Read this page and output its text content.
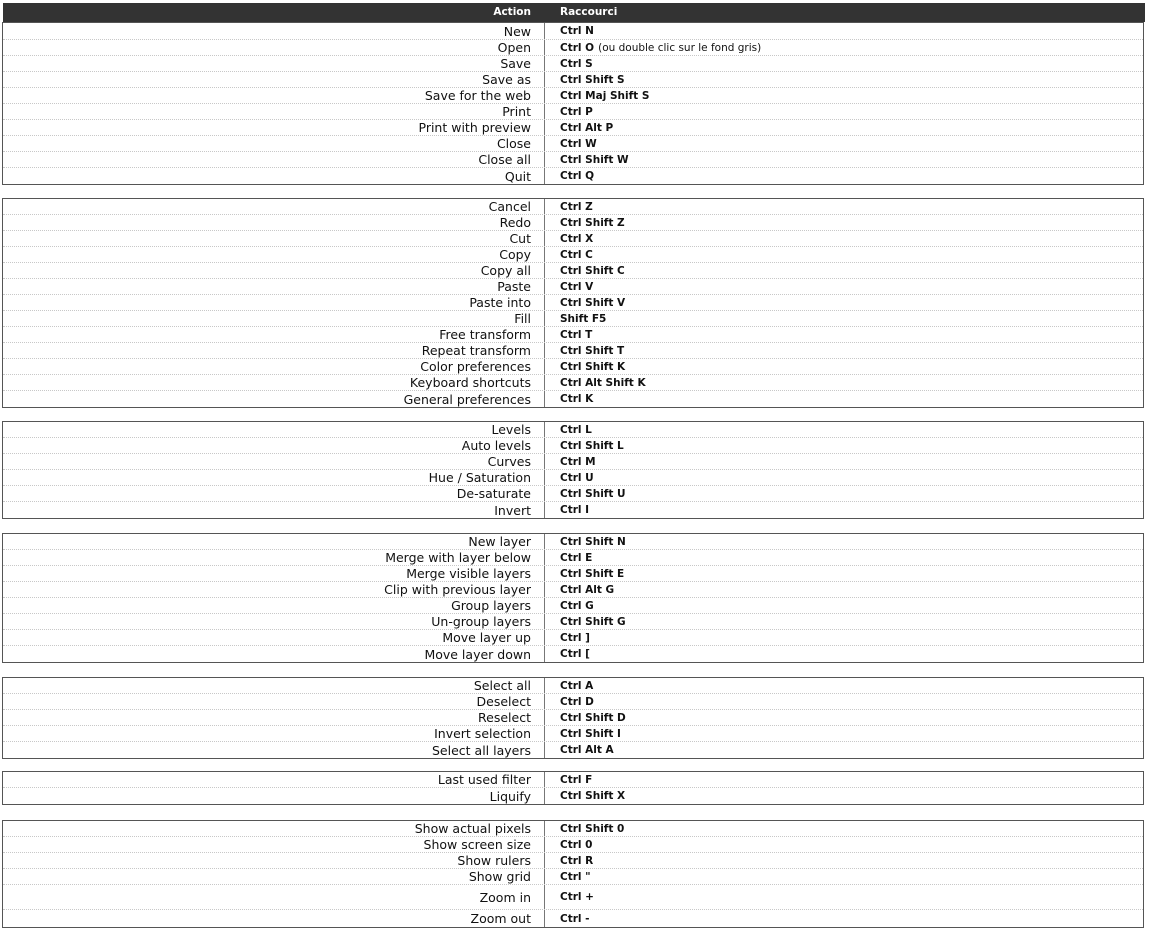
Action	Raccourci
New	Ctrl N
Open	Ctrl O (ou double clic sur le fond gris)
Save	Ctrl S
Save as	Ctrl Shift S
Save for the web	Ctrl Maj Shift S
Print	Ctrl P
Print with preview	Ctrl Alt P
Close	Ctrl W
Close all	Ctrl Shift W
Quit	Ctrl Q
Cancel	Ctrl Z
Redo	Ctrl Shift Z
Cut	Ctrl X
Copy	Ctrl C
Copy all	Ctrl Shift C
Paste	Ctrl V
Paste into	Ctrl Shift V
Fill	Shift F5
Free transform	Ctrl T
Repeat transform	Ctrl Shift T
Color preferences	Ctrl Shift K
Keyboard shortcuts	Ctrl Alt Shift K
General preferences	Ctrl K
Levels	Ctrl L
Auto levels	Ctrl Shift L
Curves	Ctrl M
Hue / Saturation	Ctrl U
De-saturate	Ctrl Shift U
Invert	Ctrl I
New layer	Ctrl Shift N
Merge with layer below	Ctrl E
Merge visible layers	Ctrl Shift E
Clip with previous layer	Ctrl Alt G
Group layers	Ctrl G
Un-group layers	Ctrl Shift G
Move layer up	Ctrl ]
Move layer down	Ctrl [
Select all	Ctrl A
Deselect	Ctrl D
Reselect	Ctrl Shift D
Invert selection	Ctrl Shift I
Select all layers	Ctrl Alt A
Last used filter	Ctrl F
Liquify	Ctrl Shift X
Show actual pixels	Ctrl Shift 0
Show screen size	Ctrl 0
Show rulers	Ctrl R
Show grid	Ctrl "
Zoom in	Ctrl +
Zoom out	Ctrl -
